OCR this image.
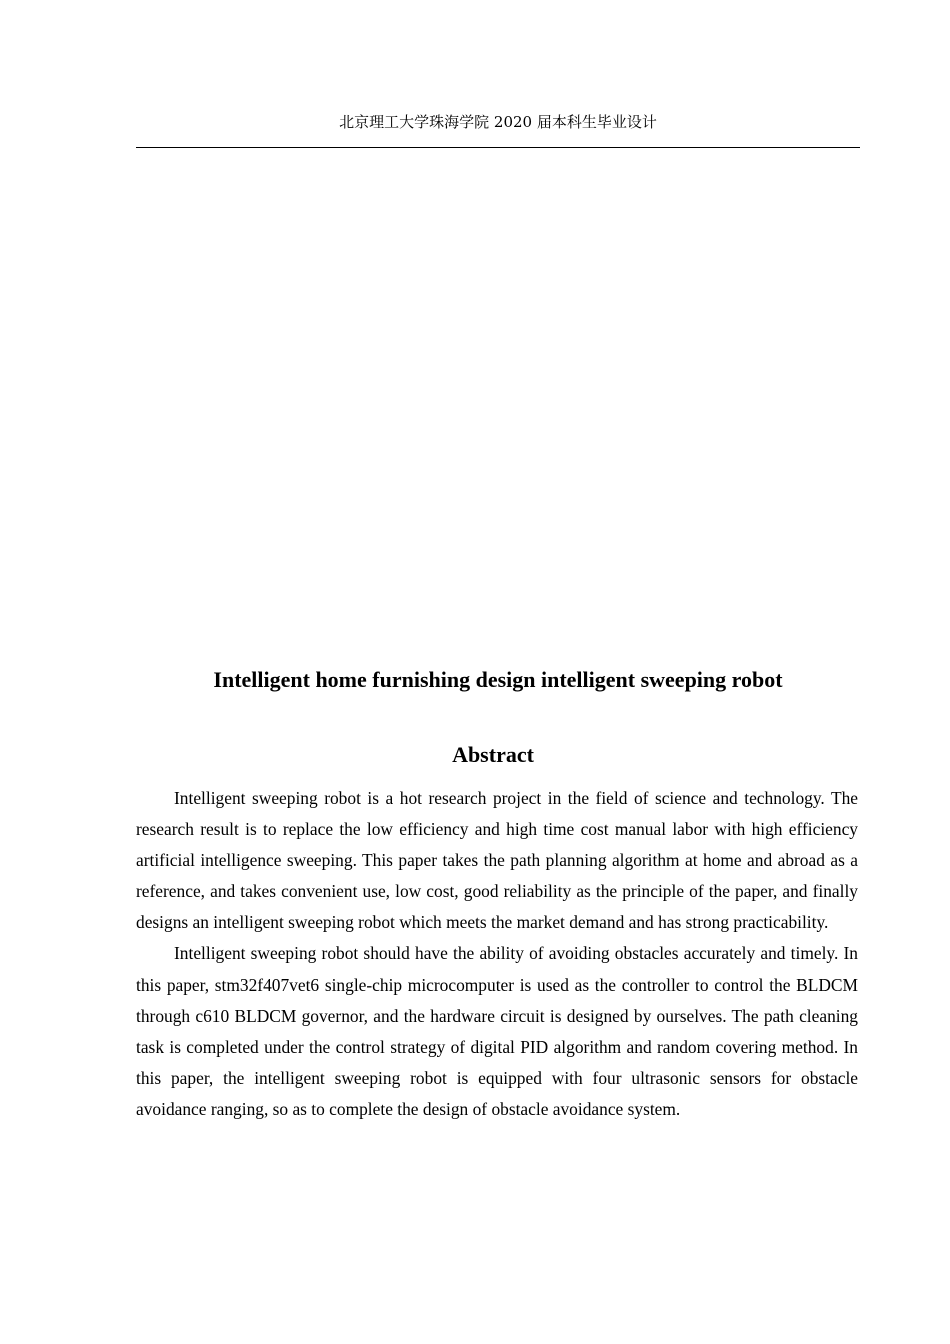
北京理工大学珠海学院 2020 届本科生毕业设计
Intelligent home furnishing design intelligent sweeping robot
Abstract

Intelligent sweeping robot is a hot research project in the field of science and technology. The research result is to replace the low efficiency and high time cost manual labor with high efficiency artificial intelligence sweeping. This paper takes the path planning algorithm at home and abroad as a reference, and takes convenient use, low cost, good reliability as the principle of the paper, and finally designs an intelligent sweeping robot which meets the market demand and has strong practicability.

Intelligent sweeping robot should have the ability of avoiding obstacles accurately and timely. In this paper, stm32f407vet6 single-chip microcomputer is used as the controller to control the BLDCM through c610 BLDCM governor, and the hardware circuit is designed by ourselves. The path cleaning task is completed under the control strategy of digital PID algorithm and random covering method. In this paper, the intelligent sweeping robot is equipped with four ultrasonic sensors for obstacle avoidance ranging, so as to complete the design of obstacle avoidance system.
